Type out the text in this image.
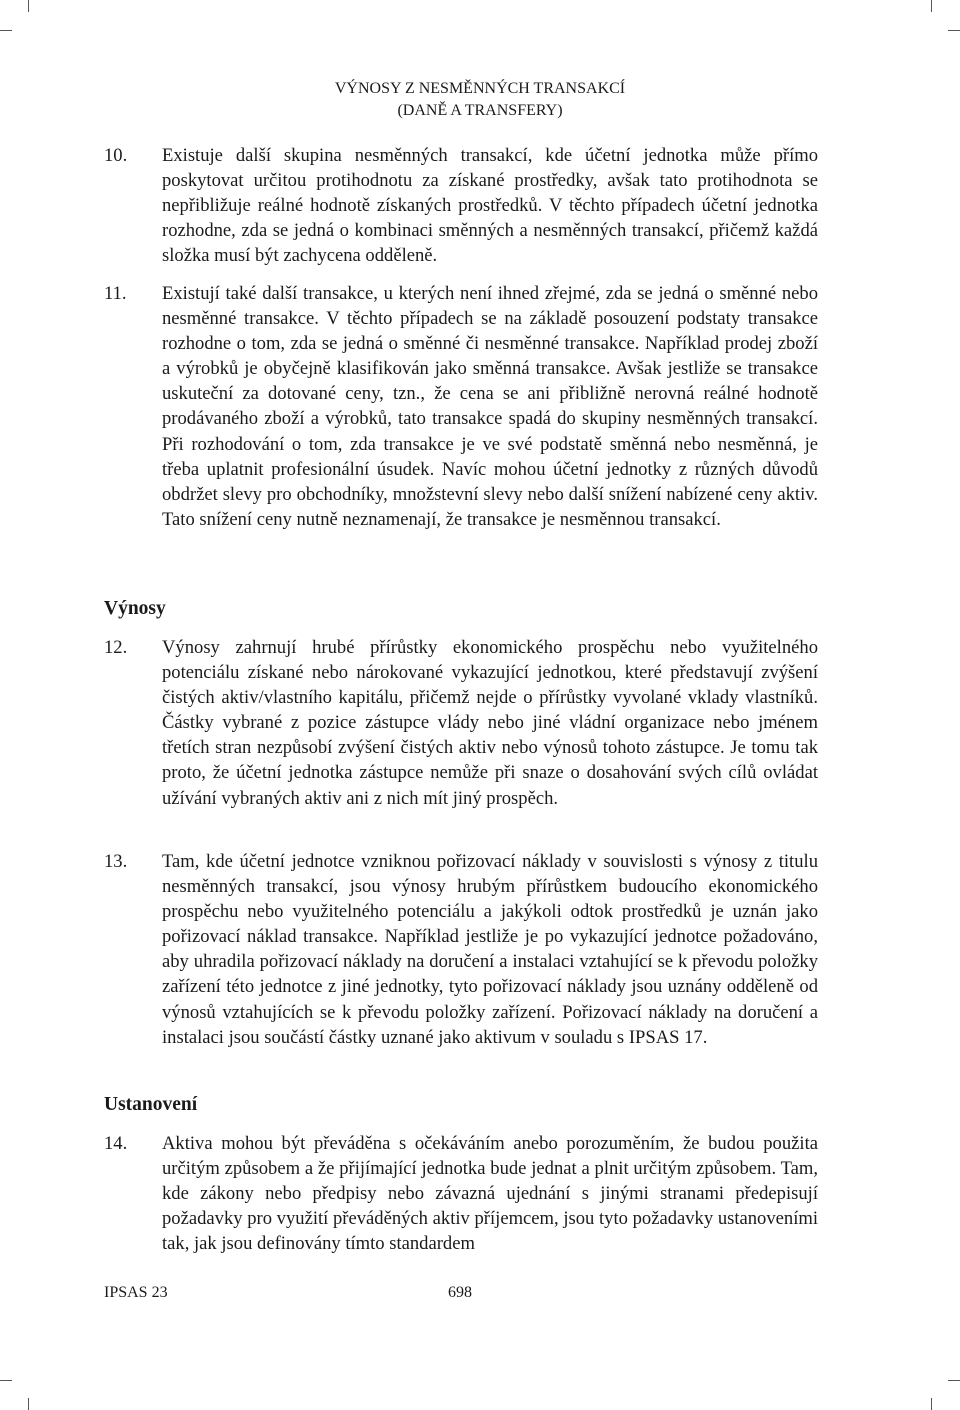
VÝNOSY Z NESMĚNNÝCH TRANSAKCÍ
(DANĚ A TRANSFERY)
10. Existuje další skupina nesměnných transakcí, kde účetní jednotka může přímo poskytovat určitou protihodnotu za získané prostředky, avšak tato protihodnota se nepřibližuje reálné hodnotě získaných prostředků. V těchto případech účetní jednotka rozhodne, zda se jedná o kombinaci směnných a nesměnných transakcí, přičemž každá složka musí být zachycena odděleně.
11. Existují také další transakce, u kterých není ihned zřejmé, zda se jedná o směnné nebo nesměnné transakce. V těchto případech se na základě posouzení podstaty transakce rozhodne o tom, zda se jedná o směnné či nesměnné transakce. Například prodej zboží a výrobků je obyčejně klasifikován jako směnná transakce. Avšak jestliže se transakce uskuteční za dotované ceny, tzn., že cena se ani přibližně nerovná reálné hodnotě prodávaného zboží a výrobků, tato transakce spadá do skupiny nesměnných transakcí. Při rozhodování o tom, zda transakce je ve své podstatě směnná nebo nesměnná, je třeba uplatnit profesionální úsudek. Navíc mohou účetní jednotky z různých důvodů obdržet slevy pro obchodníky, množstevní slevy nebo další snížení nabízené ceny aktiv. Tato snížení ceny nutně neznamenají, že transakce je nesměnnou transakcí.
Výnosy
12. Výnosy zahrnují hrubé přírůstky ekonomického prospěchu nebo využitelného potenciálu získané nebo nárokované vykazující jednotkou, které představují zvýšení čistých aktiv/vlastního kapitálu, přičemž nejde o přírůstky vyvolané vklady vlastníků. Částky vybrané z pozice zástupce vlády nebo jiné vládní organizace nebo jménem třetích stran nezpůsobí zvýšení čistých aktiv nebo výnosů tohoto zástupce. Je tomu tak proto, že účetní jednotka zástupce nemůže při snaze o dosahování svých cílů ovládat užívání vybraných aktiv ani z nich mít jiný prospěch.
13. Tam, kde účetní jednotce vzniknou pořizovací náklady v souvislosti s výnosy z titulu nesměnných transakcí, jsou výnosy hrubým přírůstkem budoucího ekonomického prospěchu nebo využitelného potenciálu a jakýkoli odtok prostředků je uznán jako pořizovací náklad transakce. Například jestliže je po vykazující jednotce požadováno, aby uhradila pořizovací náklady na doručení a instalaci vztahující se k převodu položky zařízení této jednotce z jiné jednotky, tyto pořizovací náklady jsou uznány odděleně od výnosů vztahujících se k převodu položky zařízení. Pořizovací náklady na doručení a instalaci jsou součástí částky uznané jako aktivum v souladu s IPSAS 17.
Ustanovení
14. Aktiva mohou být převáděna s očekáváním anebo porozuměním, že budou použita určitým způsobem a že přijímající jednotka bude jednat a plnit určitým způsobem. Tam, kde zákony nebo předpisy nebo závazná ujednání s jinými stranami předepisují požadavky pro využití převáděných aktiv příjemcem, jsou tyto požadavky ustanoveními tak, jak jsou definovány tímto standardem
IPSAS 23	698
